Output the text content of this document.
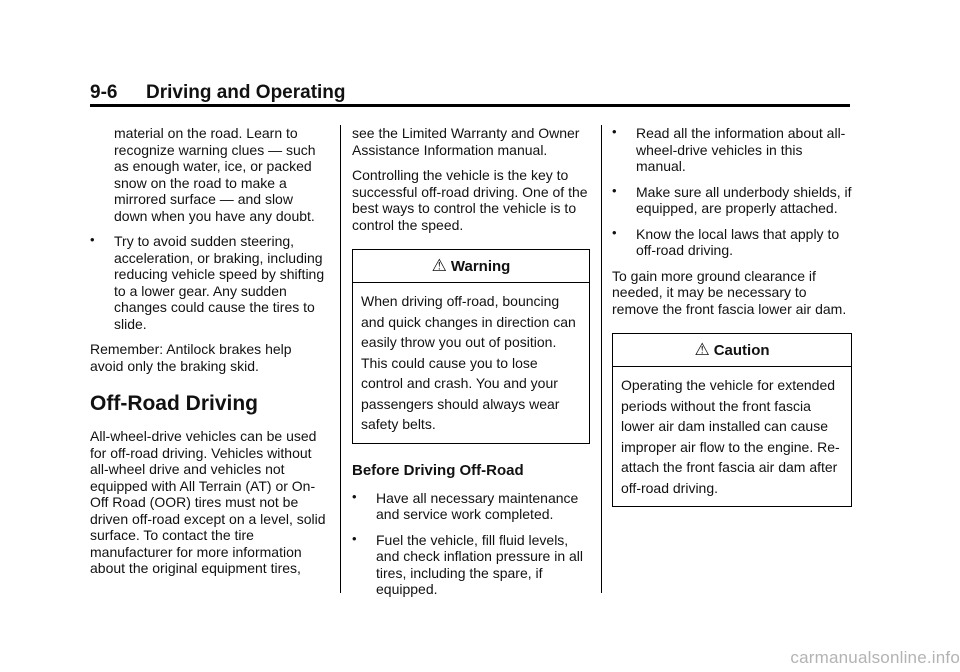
9-6 Driving and Operating

material on the road. Learn to recognize warning clues — such as enough water, ice, or packed snow on the road to make a mirrored surface — and slow down when you have any doubt.

• Try to avoid sudden steering, acceleration, or braking, including reducing vehicle speed by shifting to a lower gear. Any sudden changes could cause the tires to slide.

Remember: Antilock brakes help avoid only the braking skid.

Off-Road Driving

All-wheel-drive vehicles can be used for off-road driving. Vehicles without all-wheel drive and vehicles not equipped with All Terrain (AT) or On-Off Road (OOR) tires must not be driven off-road except on a level, solid surface. To contact the tire manufacturer for more information about the original equipment tires,

see the Limited Warranty and Owner Assistance Information manual.

Controlling the vehicle is the key to successful off-road driving. One of the best ways to control the vehicle is to control the speed.

⚠ Warning
When driving off-road, bouncing and quick changes in direction can easily throw you out of position. This could cause you to lose control and crash. You and your passengers should always wear safety belts.
Before Driving Off-Road
• Have all necessary maintenance and service work completed.
• Fuel the vehicle, fill fluid levels, and check inflation pressure in all tires, including the spare, if equipped.
• Read all the information about all-wheel-drive vehicles in this manual.
• Make sure all underbody shields, if equipped, are properly attached.
• Know the local laws that apply to off-road driving.

To gain more ground clearance if needed, it may be necessary to remove the front fascia lower air dam.

⚠ Caution
Operating the vehicle for extended periods without the front fascia lower air dam installed can cause improper air flow to the engine. Re-attach the front fascia air dam after off-road driving.
carmanualsonline.info
